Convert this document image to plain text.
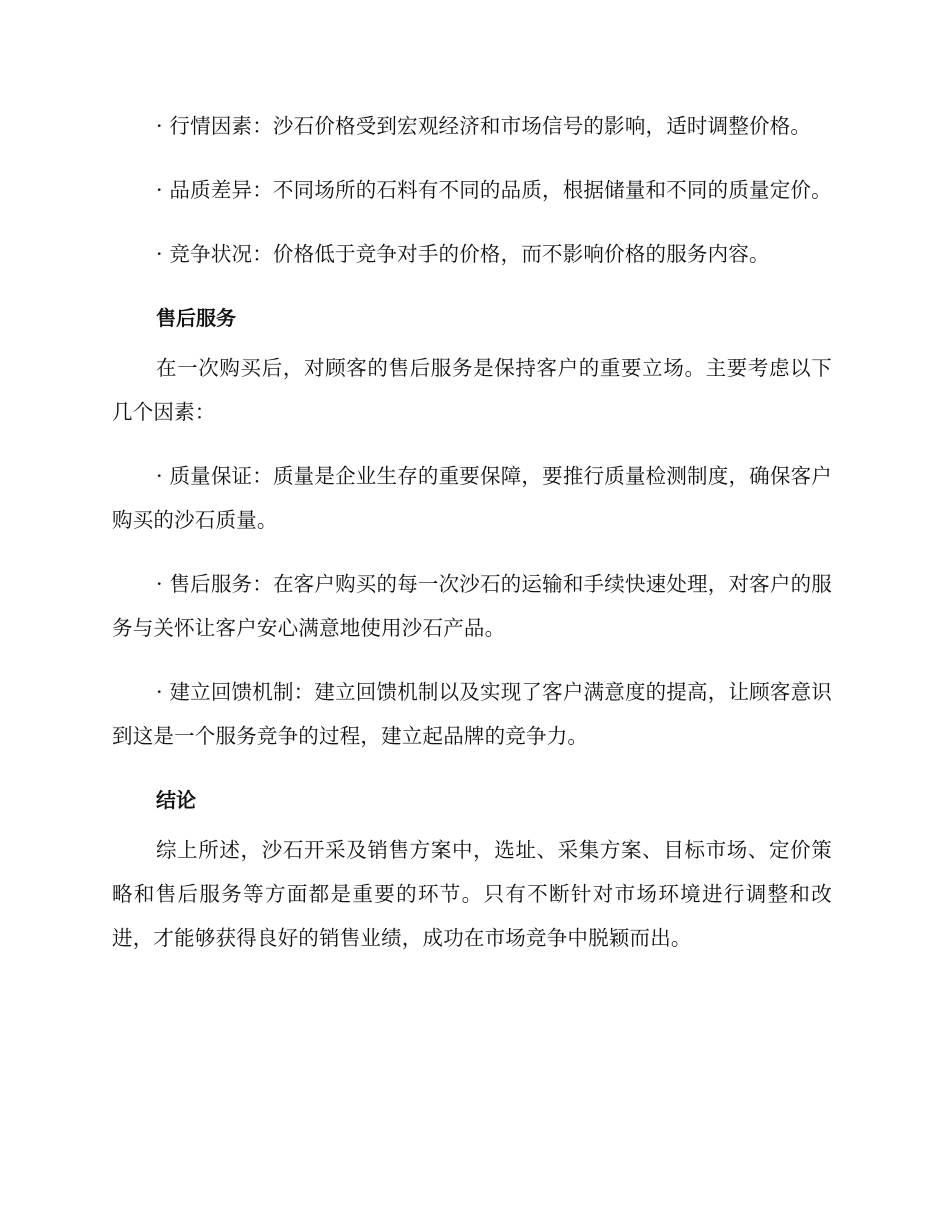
· 行情因素：沙石价格受到宏观经济和市场信号的影响，适时调整价格。

· 品质差异：不同场所的石料有不同的品质，根据储量和不同的质量定价。

· 竞争状况：价格低于竞争对手的价格，而不影响价格的服务内容。

售后服务

在一次购买后，对顾客的售后服务是保持客户的重要立场。主要考虑以下几个因素：

· 质量保证：质量是企业生存的重要保障，要推行质量检测制度，确保客户购买的沙石质量。

· 售后服务：在客户购买的每一次沙石的运输和手续快速处理，对客户的服务与关怀让客户安心满意地使用沙石产品。

· 建立回馈机制：建立回馈机制以及实现了客户满意度的提高，让顾客意识到这是一个服务竞争的过程，建立起品牌的竞争力。

结论

综上所述，沙石开采及销售方案中，选址、采集方案、目标市场、定价策略和售后服务等方面都是重要的环节。只有不断针对市场环境进行调整和改进，才能够获得良好的销售业绩，成功在市场竞争中脱颖而出。
